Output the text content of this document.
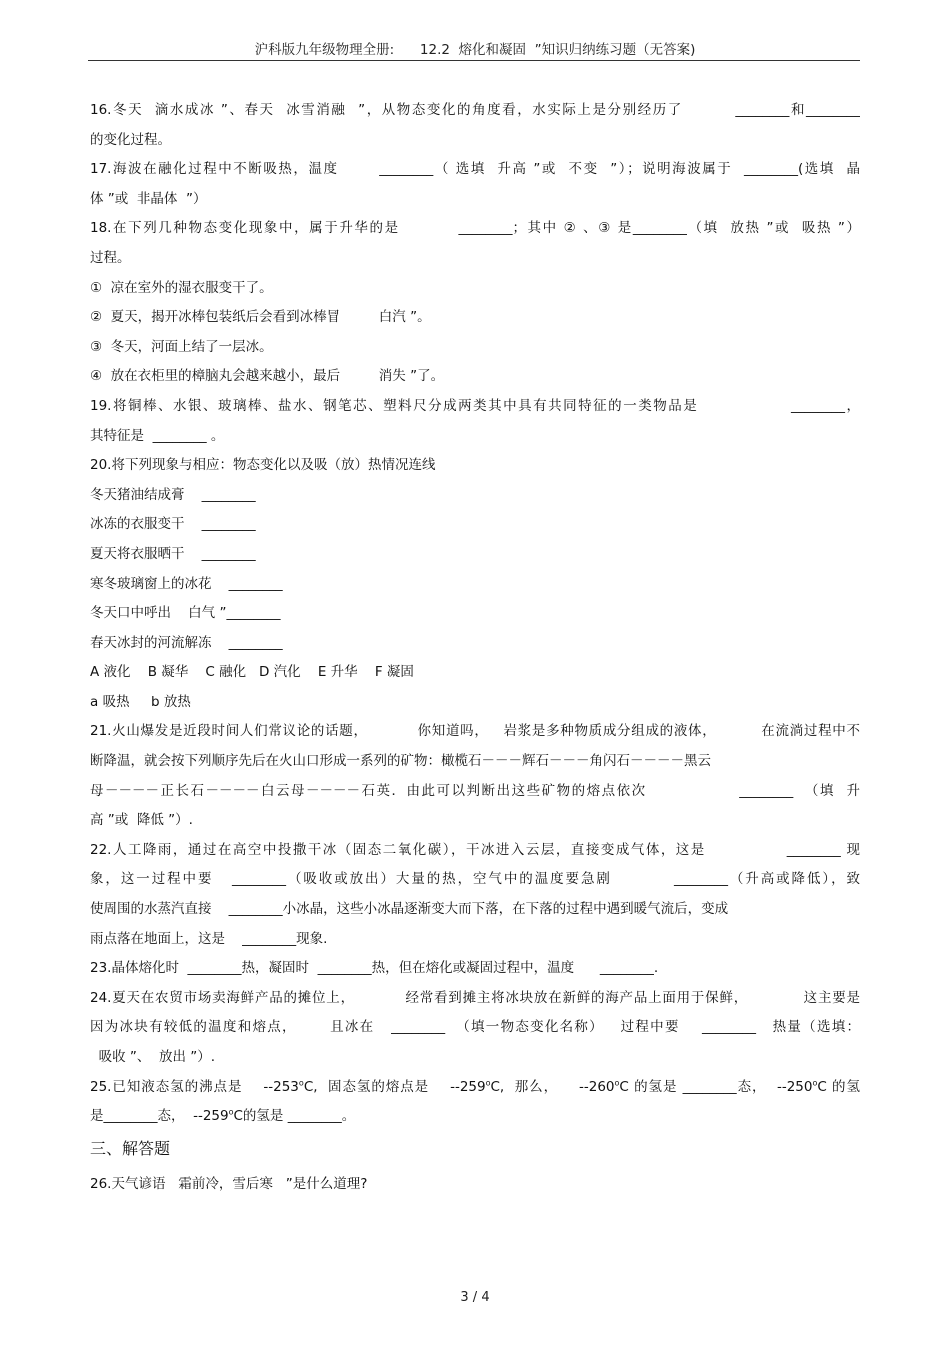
沪科版九年级物理全册:      12.2  熔化和凝固  ”知识归纳练习题（无答案)
16.冬天  滴水成冰 ”、春天  冰雪消融  ”，从物态变化的角度看，水实际上是分别经历了         ________和________
的变化过程。
17.海波在融化过程中不断吸热，温度       ________（ 选填  升高 ”或  不变  ”）；说明海波属于  ________(选填  晶
体 ”或  非晶体  ”）
18.在下列几种物态变化现象中，属于升华的是          ________；其中 ② 、③ 是________（填  放热 ”或  吸热 ”）
过程。
①  凉在室外的湿衣服变干了。
②  夏天，揭开冰棒包装纸后会看到冰棒冒         白汽 ”。
③  冬天，河面上结了一层冰。
④  放在衣柜里的樟脑丸会越来越小，最后         消失 ”了。
19.将铜棒、水银、玻璃棒、盐水、钢笔芯、塑料尺分成两类其中具有共同特征的一类物品是                ________，
其特征是  ________ 。
20.将下列现象与相应：物态变化以及吸（放）热情况连线
冬天猪油结成膏    ________
冰冻的衣服变干    ________
夏天将衣服晒干    ________
寒冬玻璃窗上的冰花    ________
冬天口中呼出    白气 ”________
春天冰封的河流解冻    ________
A 液化    B 凝华    C 融化   D 汽化    E 升华    F 凝固
a 吸热     b 放热
21.火山爆发是近段时间人们常议论的话题，          你知道吗，   岩浆是多种物质成分组成的液体，         在流淌过程中不
断降温，就会按下列顺序先后在火山口形成一系列的矿物：橄榄石－－－辉石－－－角闪石－－－－黑云
母－－－－正长石－－－－白云母－－－－石英．由此可以判断出这些矿物的熔点依次                ________  （填  升
高 ”或  降低 ”）.
22.人工降雨，通过在高空中投撒干冰（固态二氧化碳），干冰进入云层，直接变成气体，这是              ________ 现
象，这一过程中要   ________（吸收或放出）大量的热，空气中的温度要急剧          ________（升高或降低），致
使周围的水蒸汽直接    ________小冰晶，这些小冰晶逐渐变大而下落，在下落的过程中遇到暖气流后，变成
雨点落在地面上，这是    ________现象.
23.晶体熔化时  ________热，凝固时  ________热，但在熔化或凝固过程中，温度      ________.
24.夏天在农贸市场卖海鲜产品的摊位上，          经常看到摊主将冰块放在新鲜的海产品上面用于保鲜，           这主要是
因为冰块有较低的温度和熔点，      且冰在   ________  （填一物态变化名称）   过程中要    ________   热量（选填：
吸收 ”、  放出 ”）.
25.已知液态氢的沸点是    --253$^o$C,  固态氢的熔点是    --259$^o$C,  那么，    --260$^o$C 的氢是 ________态，  --250$^o$C 的氢
是________态，  --259$^o$C的氢是 ________。
三、解答题
26.天气谚语   霜前冷，雪后寒   ”是什么道理?
3 / 4
